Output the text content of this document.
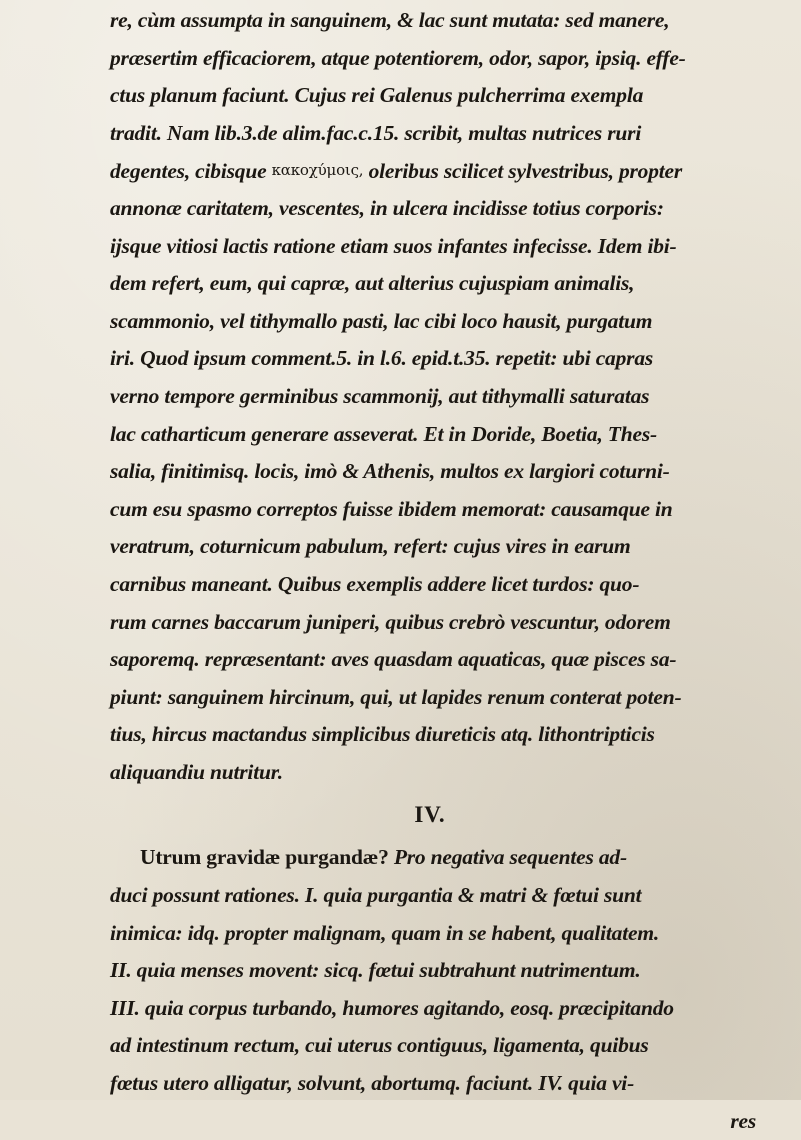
re, cùm assumpta in sanguinem, & lac sunt mutata: sed manere,
præsertim efficaciorem, atque potentiorem, odor, sapor, ipsiq. effe-
ctus planum faciunt. Cujus rei Galenus pulcherrima exempla
tradit. Nam lib.3.de alim.fac.c.15. scribit, multas nutrices ruri
degentes, cibisque κακοχύμοις, oleribus scilicet sylvestribus, propter
annonæ caritatem, vescentes, in ulcera incidisse totius corporis:
ijsque vitiosi lactis ratione etiam suos infantes infecisse. Idem ibi-
dem refert, eum, qui capræ, aut alterius cujuspiam animalis,
scammonio, vel tithymallo pasti, lac cibi loco hausit, purgatum
iri. Quod ipsum comment.5. in l.6. epid.t.35. repetit: ubi capras
verno tempore germinibus scammonij, aut tithymalli saturatas
lac catharticum generare asseverat. Et in Doride, Boetia, Thes-
salia, finitimisq. locis, imò & Athenis, multos ex largiori coturni-
cum esu spasmo correptos fuisse ibidem memorat: causamque in
veratrum, coturnicum pabulum, refert: cujus vires in earum
carnibus maneant. Quibus exemplis addere licet turdos: quo-
rum carnes baccarum juniperi, quibus crebrò vescuntur, odorem
saporemq. repræsentant: aves quasdam aquaticas, quæ pisces sa-
piunt: sanguinem hircinum, qui, ut lapides renum conterat poten-
tius, hircus mactandus simplicibus diureticis atq. lithontripticis
aliquandiu nutritur.
IV.
Utrum gravidæ purgandæ? Pro negativa sequentes ad-
duci possunt rationes. I. quia purgantia & matri & fœtui sunt
inimica: idq. propter malignam, quam in se habent, qualitatem.
II. quia menses movent: sicq. fœtui subtrahunt nutrimentum.
III. quia corpus turbando, humores agitando, eosq. præcipitando
ad intestinum rectum, cui uterus contiguus, ligamenta, quibus
fœtus utero alligatur, solvunt, abortumq. faciunt. IV. quia vi-
res
